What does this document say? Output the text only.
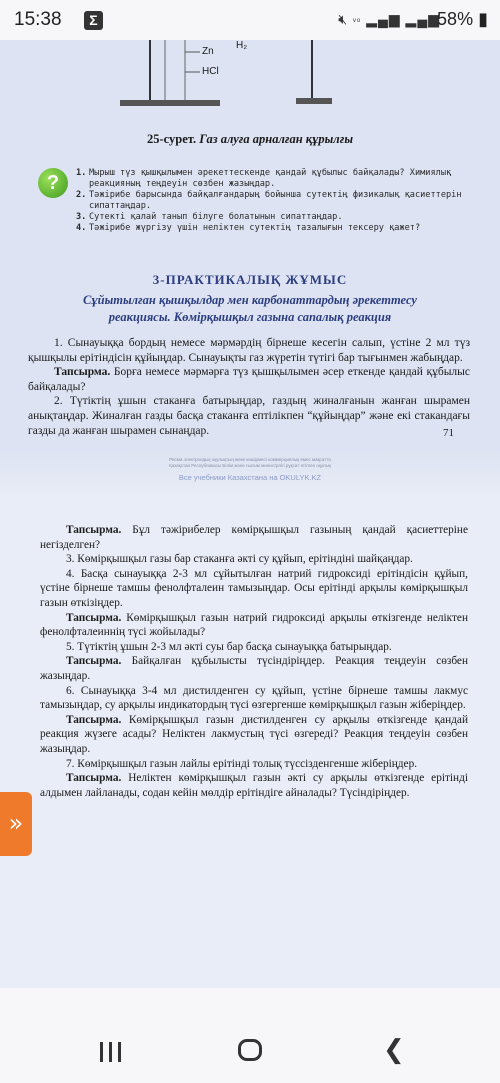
15:38	Σ	🔇︎ ᵛᵒ ▂▄▆ ▂▄▆
58% ▮
Zn
HCl
H₂
25-сурет. Газ алуға арналған құрылғы
?	1. Мырыш түз қышқылымен әрекеттескенде қандай құбылыс байқалады? Химиялық реакцияның теңдеуін сөзбен жазыңдар.
2. Тәжірибе барысында байқалғандарың бойынша сутектің физикалық қасиеттерін сипаттаңдар.
3. Сутекті қалай танып білуге болатынын сипаттаңдар.
4. Тәжірибе жүргізу үшін неліктен сутектің тазалығын тексеру қажет?
3-ПРАКТИКАЛЫҚ ЖҰМЫС
Сұйытылған қышқылдар мен карбонаттардың әрекеттесу реакциясы. Көмірқышқыл газына сапалық реакция

1. Сынауыққа бордың немесе мәрмәрдің бірнеше кесегін салып, үстіне 2 мл түз қышқылы ерітіндісін құйыңдар. Сынауықты газ жүретін түтігі бар тығынмен жабыңдар.

Тапсырма. Борға немесе мәрмәрға түз қышқылымен әсер еткенде қандай құбылыс байқалады?

2. Түтіктің ұшын стаканға батырыңдар, газдың жиналғанын жанған шырамен анықтаңдар. Жиналған газды басқа стаканға ептілікпен “құйыңдар” және екі стакандағы газды да жанған шырамен сынаңдар.	71
Ресми электрондық оқулықтың жеке көшірмесі коммерциялық емес мақсатта
Қазақстан Республикасы Білім және ғылым министрлігі рұқсат етілген оқулық
Все учебники Казахстана на OKULYK.KZ

Тапсырма. Бұл тәжірибелер көмірқышқыл газының қандай қасиеттеріне негізделген?

3. Көмірқышқыл газы бар стаканға әкті су құйып, ерітіндіні шайқаңдар.

4. Басқа сынауыққа 2-3 мл сұйытылған натрий гидроксиді ерітіндісін құйып, үстіне бірнеше тамшы фенолфталеин тамызыңдар. Осы ерітінді арқылы көмірқышқыл газын өткізіңдер.

Тапсырма. Көмірқышқыл газын натрий гидроксиді арқылы өткізгенде неліктен фенолфталеиннің түсі жойылады?

5. Түтіктің ұшын 2-3 мл әкті суы бар басқа сынауыққа батырыңдар.

Тапсырма. Байқалған құбылысты түсіндіріңдер. Реакция теңдеуін сөзбен жазыңдар.

6. Сынауыққа 3-4 мл дистилденген су құйып, үстіне бірнеше тамшы лакмус тамызыңдар, су арқылы индикатордың түсі өзгергенше көмірқышқыл газын жіберіңдер.

Тапсырма. Көмірқышқыл газын дистилденген су арқылы өткізгенде қандай реакция жүзеге асады? Неліктен лакмустың түсі өзгереді? Реакция теңдеуін сөзбен жазыңдар.

7. Көмірқышқыл газын лайлы ерітінді толық түссізденгенше жіберіңдер.

Тапсырма. Неліктен көмірқышқыл газын әкті су арқылы өткізгенде ерітінді алдымен лайланады, содан кейін мөлдір ерітіндіге айналады? Түсіндіріңдер.

»
❮
